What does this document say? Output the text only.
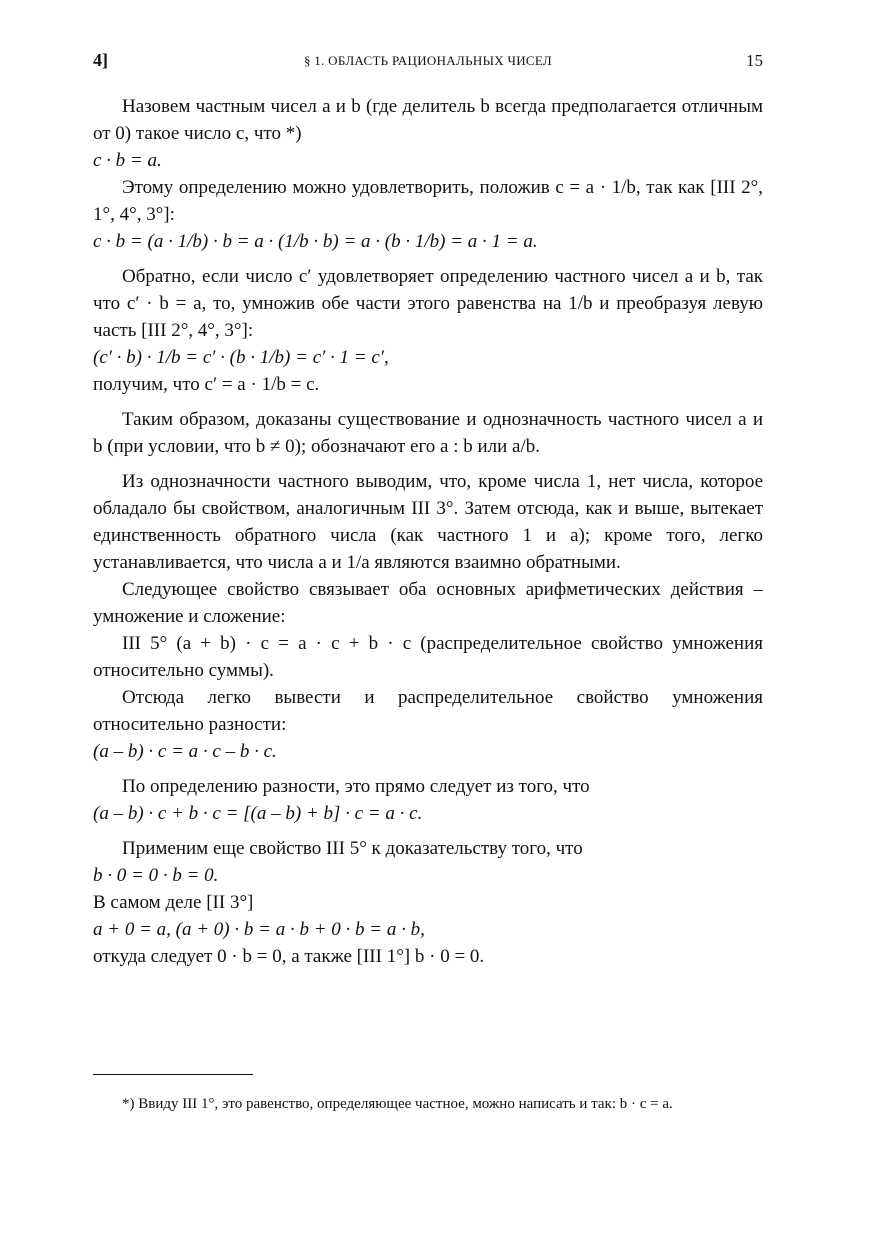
4]	§ 1. ОБЛАСТЬ РАЦИОНАЛЬНЫХ ЧИСЕЛ	15

Назовем частным чисел a и b (где делитель b всегда предполагается отличным от 0) такое число c, что *)

c · b = a.

Этому определению можно удовлетворить, положив c = a · 1/b, так как [III 2°, 1°, 4°, 3°]:

c · b = (a · 1/b) · b = a · (1/b · b) = a · (b · 1/b) = a · 1 = a.

Обратно, если число c′ удовлетворяет определению частного чисел a и b, так что c′ · b = a, то, умножив обе части этого равенства на 1/b и преобразуя левую часть [III 2°, 4°, 3°]:

(c′ · b) · 1/b = c′ · (b · 1/b) = c′ · 1 = c′,

получим, что c′ = a · 1/b = c.

Таким образом, доказаны существование и однозначность частного чисел a и b (при условии, что b ≠ 0); обозначают его a : b или a/b.

Из однозначности частного выводим, что, кроме числа 1, нет числа, которое обладало бы свойством, аналогичным III 3°. Затем отсюда, как и выше, вытекает единственность обратного числа (как частного 1 и a); кроме того, легко устанавливается, что числа a и 1/a являются взаимно обратными.

Следующее свойство связывает оба основных арифметических действия – умножение и сложение:

III 5° (a + b) · c = a · c + b · c (распределительное свойство умножения относительно суммы).

Отсюда легко вывести и распределительное свойство умножения относительно разности:

(a – b) · c = a · c – b · c.

По определению разности, это прямо следует из того, что

(a – b) · c + b · c = [(a – b) + b] · c = a · c.

Применим еще свойство III 5° к доказательству того, что

b · 0 = 0 · b = 0.

В самом деле [II 3°]

a + 0 = a, (a + 0) · b = a · b + 0 · b = a · b,

откуда следует 0 · b = 0, а также [III 1°] b · 0 = 0.

*) Ввиду III 1°, это равенство, определяющее частное, можно написать и так: b · c = a.
